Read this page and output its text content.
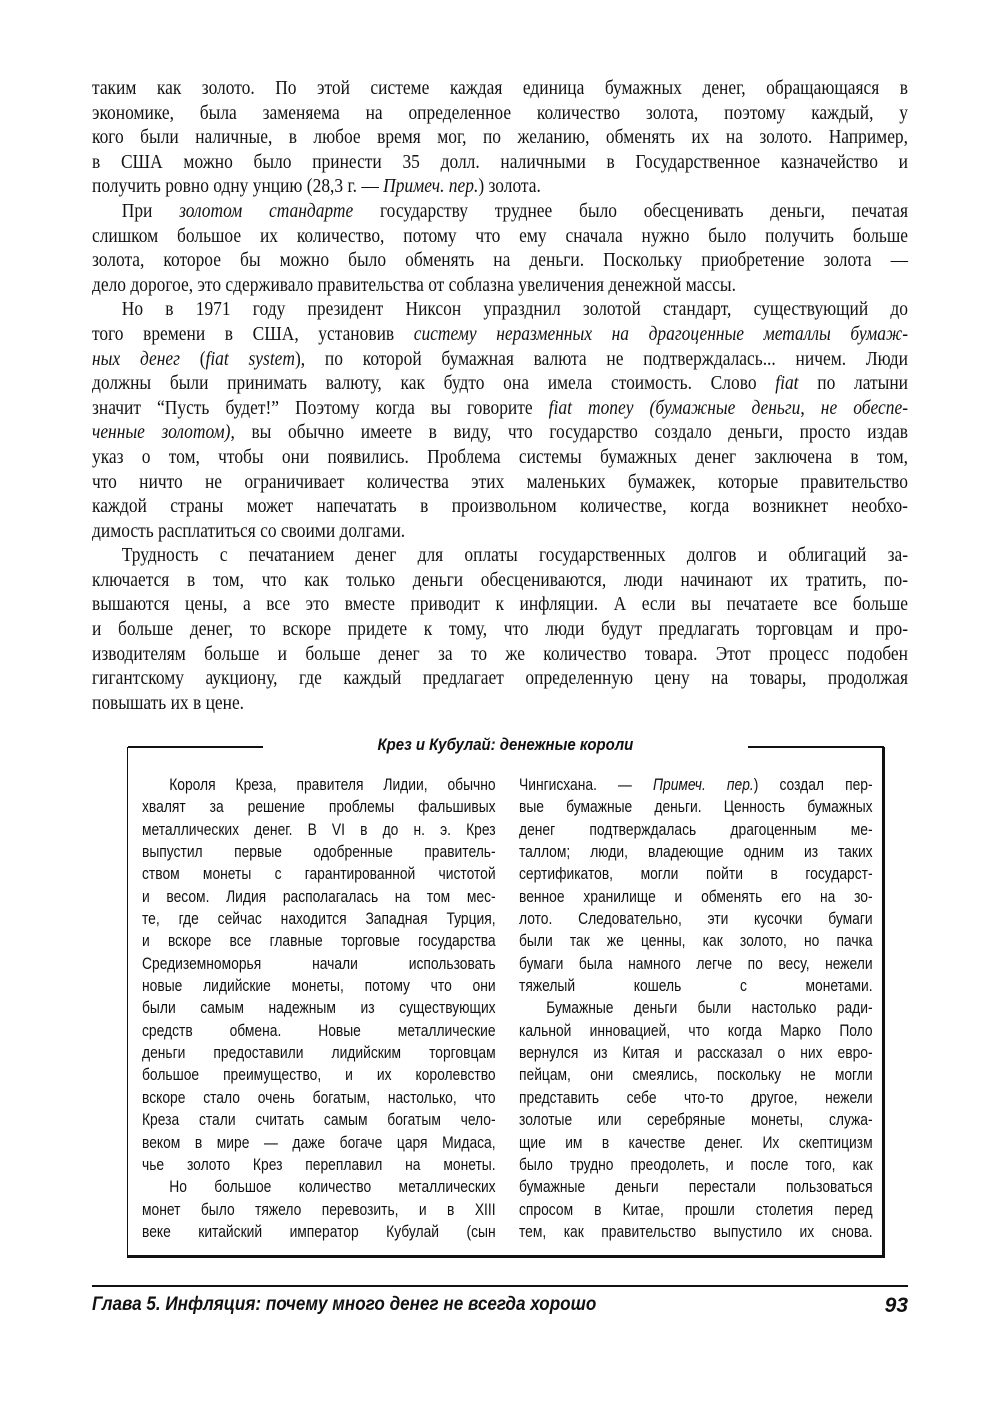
таким как золото. По этой системе каждая единица бумажных денег, обращающаяся в
экономике, была заменяема на определенное количество золота, поэтому каждый, у
кого были наличные, в любое время мог, по желанию, обменять их на золото. Например,
в США можно было принести 35 долл. наличными в Государственное казначейство и
получить ровно одну унцию (28,3 г. — Примеч. пер.) золота.
При золотом стандарте государству труднее было обесценивать деньги, печатая
слишком большое их количество, потому что ему сначала нужно было получить больше
золота, которое бы можно было обменять на деньги. Поскольку приобретение золота —
дело дорогое, это сдерживало правительства от соблазна увеличения денежной массы.
Но в 1971 году президент Никсон упразднил золотой стандарт, существующий до
того времени в США, установив систему неразменных на драгоценные металлы бумаж-
ных денег (fiat system), по которой бумажная валюта не подтверждалась... ничем. Люди
должны были принимать валюту, как будто она имела стоимость. Слово fiat по латыни
значит “Пусть будет!” Поэтому когда вы говорите fiat money (бумажные деньги, не обеспе-
ченные золотом), вы обычно имеете в виду, что государство создало деньги, просто издав
указ о том, чтобы они появились. Проблема системы бумажных денег заключена в том,
что ничто не ограничивает количества этих маленьких бумажек, которые правительство
каждой страны может напечатать в произвольном количестве, когда возникнет необхо-
димость расплатиться со своими долгами.
Трудность с печатанием денег для оплаты государственных долгов и облигаций за-
ключается в том, что как только деньги обесцениваются, люди начинают их тратить, по-
вышаются цены, а все это вместе приводит к инфляции. А если вы печатаете все больше
и больше денег, то вскоре придете к тому, что люди будут предлагать торговцам и про-
изводителям больше и больше денег за то же количество товара. Этот процесс подобен
гигантскому аукциону, где каждый предлагает определенную цену на товары, продолжая
повышать их в цене.
Крез и Кубулай: денежные короли
Короля Креза, правителя Лидии, обычно
хвалят за решение проблемы фальшивых
металлических денег. В VI в до н. э. Крез
выпустил первые одобренные правитель-
ством монеты с гарантированной чистотой
и весом. Лидия располагалась на том мес-
те, где сейчас находится Западная Турция,
и вскоре все главные торговые государства
Средиземноморья начали использовать
новые лидийские монеты, потому что они
были самым надежным из существующих
средств обмена. Новые металлические
деньги предоставили лидийским торговцам
большое преимущество, и их королевство
вскоре стало очень богатым, настолько, что
Креза стали считать самым богатым чело-
веком в мире — даже богаче царя Мидаса,
чье золото Крез переплавил на монеты.
Но большое количество металлических
монет было тяжело перевозить, и в XIII
веке китайский император Кубулай (сын
Чингисхана. — Примеч. пер.) создал пер-
вые бумажные деньги. Ценность бумажных
денег подтверждалась драгоценным ме-
таллом; люди, владеющие одним из таких
сертификатов, могли пойти в государст-
венное хранилище и обменять его на зо-
лото. Следовательно, эти кусочки бумаги
были так же ценны, как золото, но пачка
бумаги была намного легче по весу, нежели
тяжелый кошель с монетами.
Бумажные деньги были настолько ради-
кальной инновацией, что когда Марко Поло
вернулся из Китая и рассказал о них евро-
пейцам, они смеялись, поскольку не могли
представить себе что-то другое, нежели
золотые или серебряные монеты, служа-
щие им в качестве денег. Их скептицизм
было трудно преодолеть, и после того, как
бумажные деньги перестали пользоваться
спросом в Китае, прошли столетия перед
тем, как правительство выпустило их снова.
Глава 5. Инфляция: почему много денег не всегда хорошо	93
